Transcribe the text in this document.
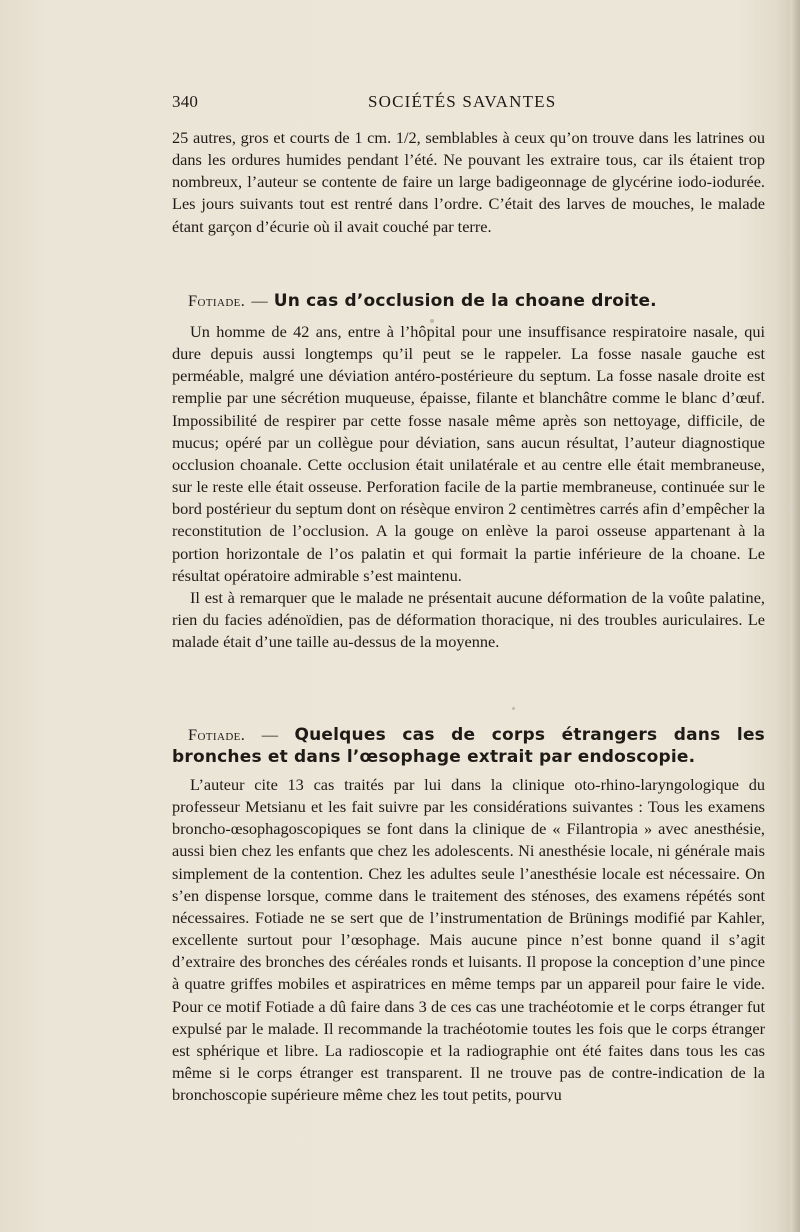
340	SOCIÉTÉS SAVANTES

25 autres, gros et courts de 1 cm. 1/2, semblables à ceux qu’on trouve dans les latrines ou dans les ordures humides pendant l’été. Ne pouvant les extraire tous, car ils étaient trop nombreux, l’auteur se contente de faire un large badigeonnage de glycérine iodo-iodurée. Les jours suivants tout est rentré dans l’ordre. C’était des larves de mouches, le malade étant garçon d’écurie où il avait couché par terre.

Fotiade. — Un cas d’occlusion de la choane droite.

Un homme de 42 ans, entre à l’hôpital pour une insuffisance respiratoire nasale, qui dure depuis aussi longtemps qu’il peut se le rappeler. La fosse nasale gauche est perméable, malgré une déviation antéro-postérieure du septum. La fosse nasale droite est remplie par une sécrétion muqueuse, épaisse, filante et blanchâtre comme le blanc d’œuf. Impossibilité de respirer par cette fosse nasale même après son nettoyage, difficile, de mucus; opéré par un collègue pour déviation, sans aucun résultat, l’auteur diagnostique occlusion choanale. Cette occlusion était unilatérale et au centre elle était membraneuse, sur le reste elle était osseuse. Perforation facile de la partie membraneuse, continuée sur le bord postérieur du septum dont on résèque environ 2 centimètres carrés afin d’empêcher la reconstitution de l’occlusion. A la gouge on enlève la paroi osseuse appartenant à la portion horizontale de l’os palatin et qui formait la partie inférieure de la choane. Le résultat opératoire admirable s’est maintenu.

Il est à remarquer que le malade ne présentait aucune déformation de la voûte palatine, rien du facies adénoïdien, pas de déformation thoracique, ni des troubles auriculaires. Le malade était d’une taille au-dessus de la moyenne.

Fotiade. — Quelques cas de corps étrangers dans les bronches et dans l’œsophage extrait par endoscopie.

L’auteur cite 13 cas traités par lui dans la clinique oto-rhino-laryngologique du professeur Metsianu et les fait suivre par les considérations suivantes : Tous les examens broncho-œsophagoscopiques se font dans la clinique de « Filantropia » avec anesthésie, aussi bien chez les enfants que chez les adolescents. Ni anesthésie locale, ni générale mais simplement de la contention. Chez les adultes seule l’anesthésie locale est nécessaire. On s’en dispense lorsque, comme dans le traitement des sténoses, des examens répétés sont nécessaires. Fotiade ne se sert que de l’instrumentation de Brünings modifié par Kahler, excellente surtout pour l’œsophage. Mais aucune pince n’est bonne quand il s’agit d’extraire des bronches des céréales ronds et luisants. Il propose la conception d’une pince à quatre griffes mobiles et aspiratrices en même temps par un appareil pour faire le vide. Pour ce motif Fotiade a dû faire dans 3 de ces cas une trachéotomie et le corps étranger fut expulsé par le malade. Il recommande la trachéotomie toutes les fois que le corps étranger est sphérique et libre. La radioscopie et la radiographie ont été faites dans tous les cas même si le corps étranger est transparent. Il ne trouve pas de contre-indication de la bronchoscopie supérieure même chez les tout petits, pourvu
